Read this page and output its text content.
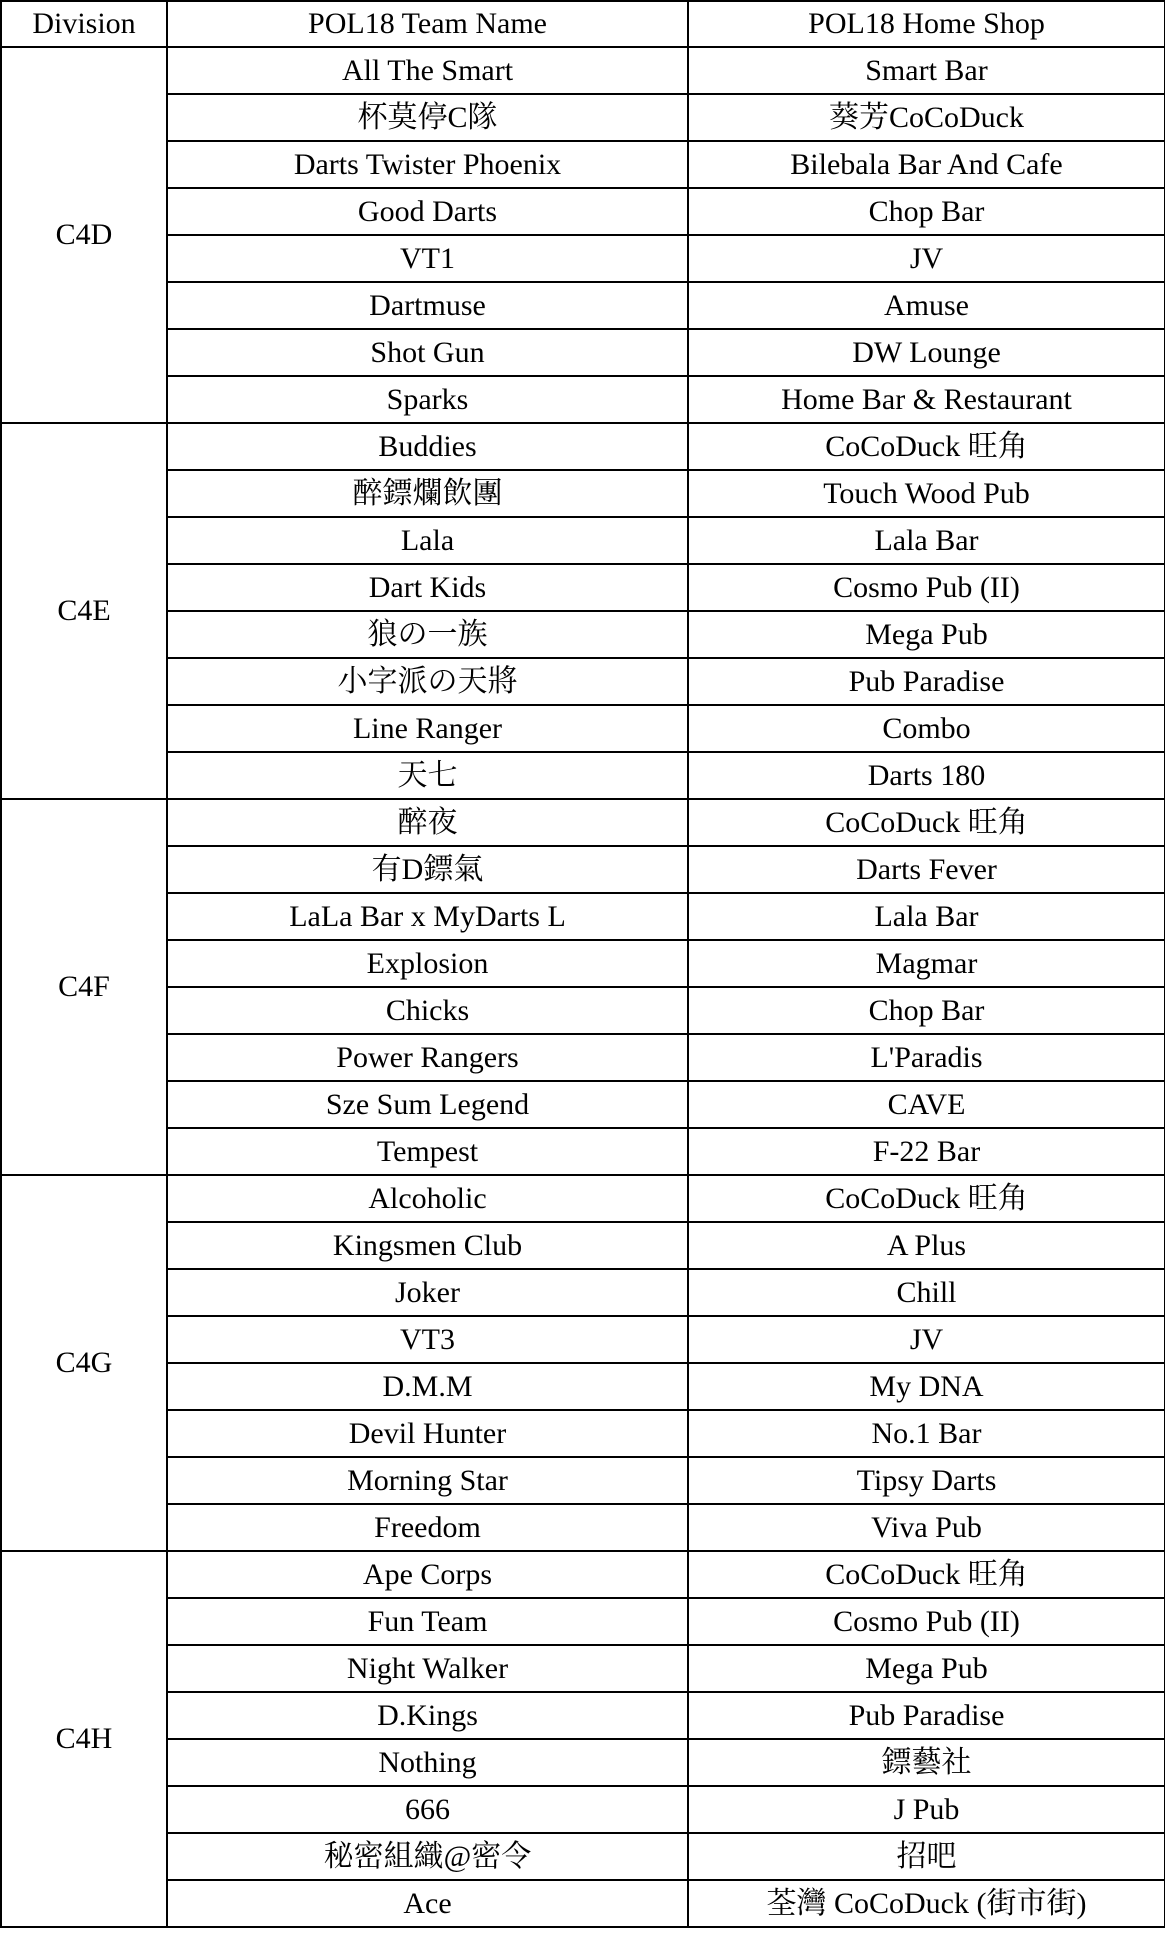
Division	POL18 Team Name	POL18 Home Shop
C4D	All The Smart	Smart Bar
	杯莫停C隊	葵芳CoCoDuck
	Darts Twister Phoenix	Bilebala Bar And Cafe
	Good Darts	Chop Bar
	VT1	JV
	Dartmuse	Amuse
	Shot Gun	DW Lounge
	Sparks	Home Bar & Restaurant
C4E	Buddies	CoCoDuck 旺角
	醉鏢爛飲團	Touch Wood Pub
	Lala	Lala Bar
	Dart Kids	Cosmo Pub (II)
	狼の一族	Mega Pub
	小字派の天將	Pub Paradise
	Line Ranger	Combo
	天七	Darts 180
C4F	醉夜	CoCoDuck 旺角
	有D鏢氣	Darts Fever
	LaLa Bar x MyDarts L	Lala Bar
	Explosion	Magmar
	Chicks	Chop Bar
	Power Rangers	L'Paradis
	Sze Sum Legend	CAVE
	Tempest	F-22 Bar
C4G	Alcoholic	CoCoDuck 旺角
	Kingsmen Club	A Plus
	Joker	Chill
	VT3	JV
	D.M.M	My DNA
	Devil Hunter	No.1 Bar
	Morning Star	Tipsy Darts
	Freedom	Viva Pub
C4H	Ape Corps	CoCoDuck 旺角
	Fun Team	Cosmo Pub (II)
	Night Walker	Mega Pub
	D.Kings	Pub Paradise
	Nothing	鏢藝社
	666	J Pub
	秘密組織@密令	招吧
	Ace	荃灣 CoCoDuck (街市街)
